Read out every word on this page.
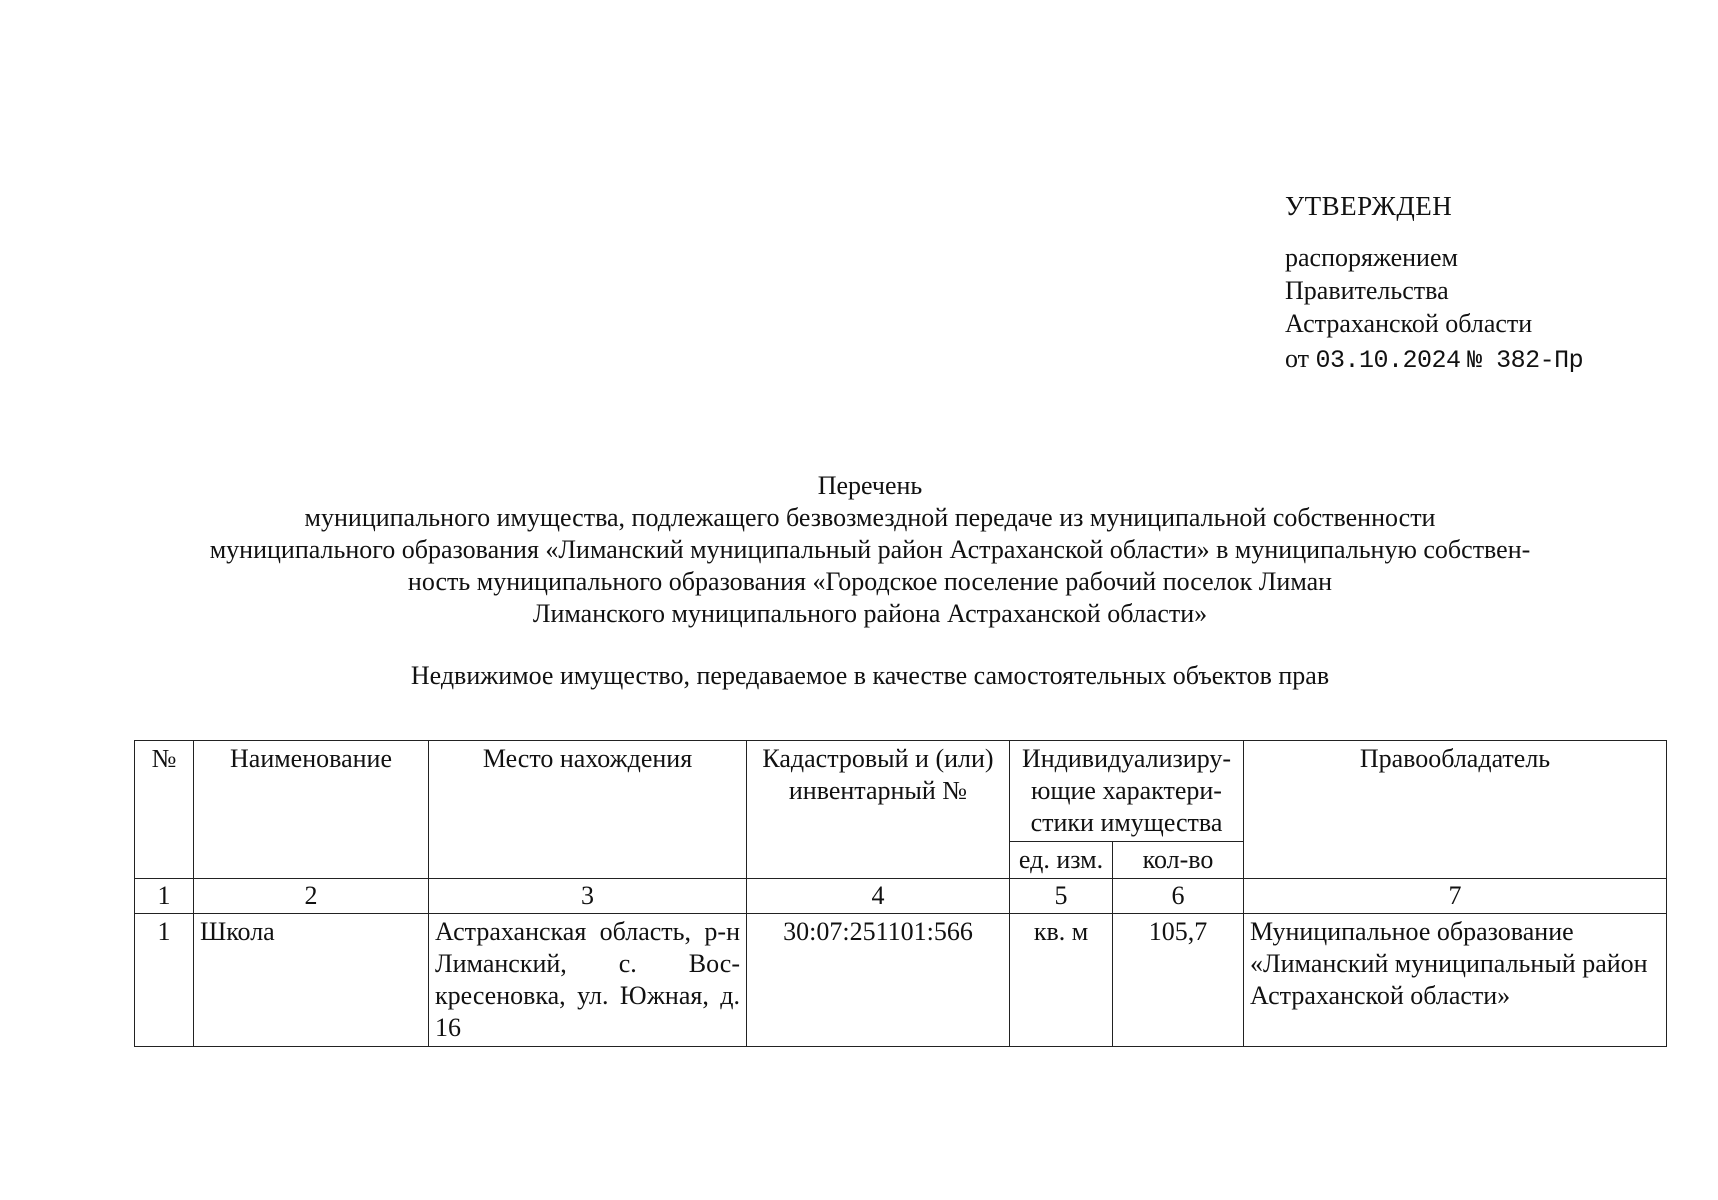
УТВЕРЖДЕН
распоряжением
Правительства
Астраханской области
от 03.10.2024 № 382-Пр
Перечень
муниципального имущества, подлежащего безвозмездной передаче из муниципальной собственности
муниципального образования «Лиманский муниципальный район Астраханской области» в муниципальную собствен-
ность муниципального образования «Городское поселение рабочий поселок Лиман
Лиманского муниципального района Астраханской области»
Недвижимое имущество, передаваемое в качестве самостоятельных объектов прав
№	Наименование	Место нахождения	Кадастровый и (или) инвентарный №	Индивидуализиру-ющие характери-стики имущества		Правообладатель
				ед. изм.	кол-во	
1	2	3	4	5	6	7
1	Школа	Астраханская область, р-н Лиманский, с. Вос-кресеновка, ул. Южная, д. 16	30:07:251101:566	кв. м	105,7	Муниципальное образование «Лиманский муниципальный район Астраханской области»
